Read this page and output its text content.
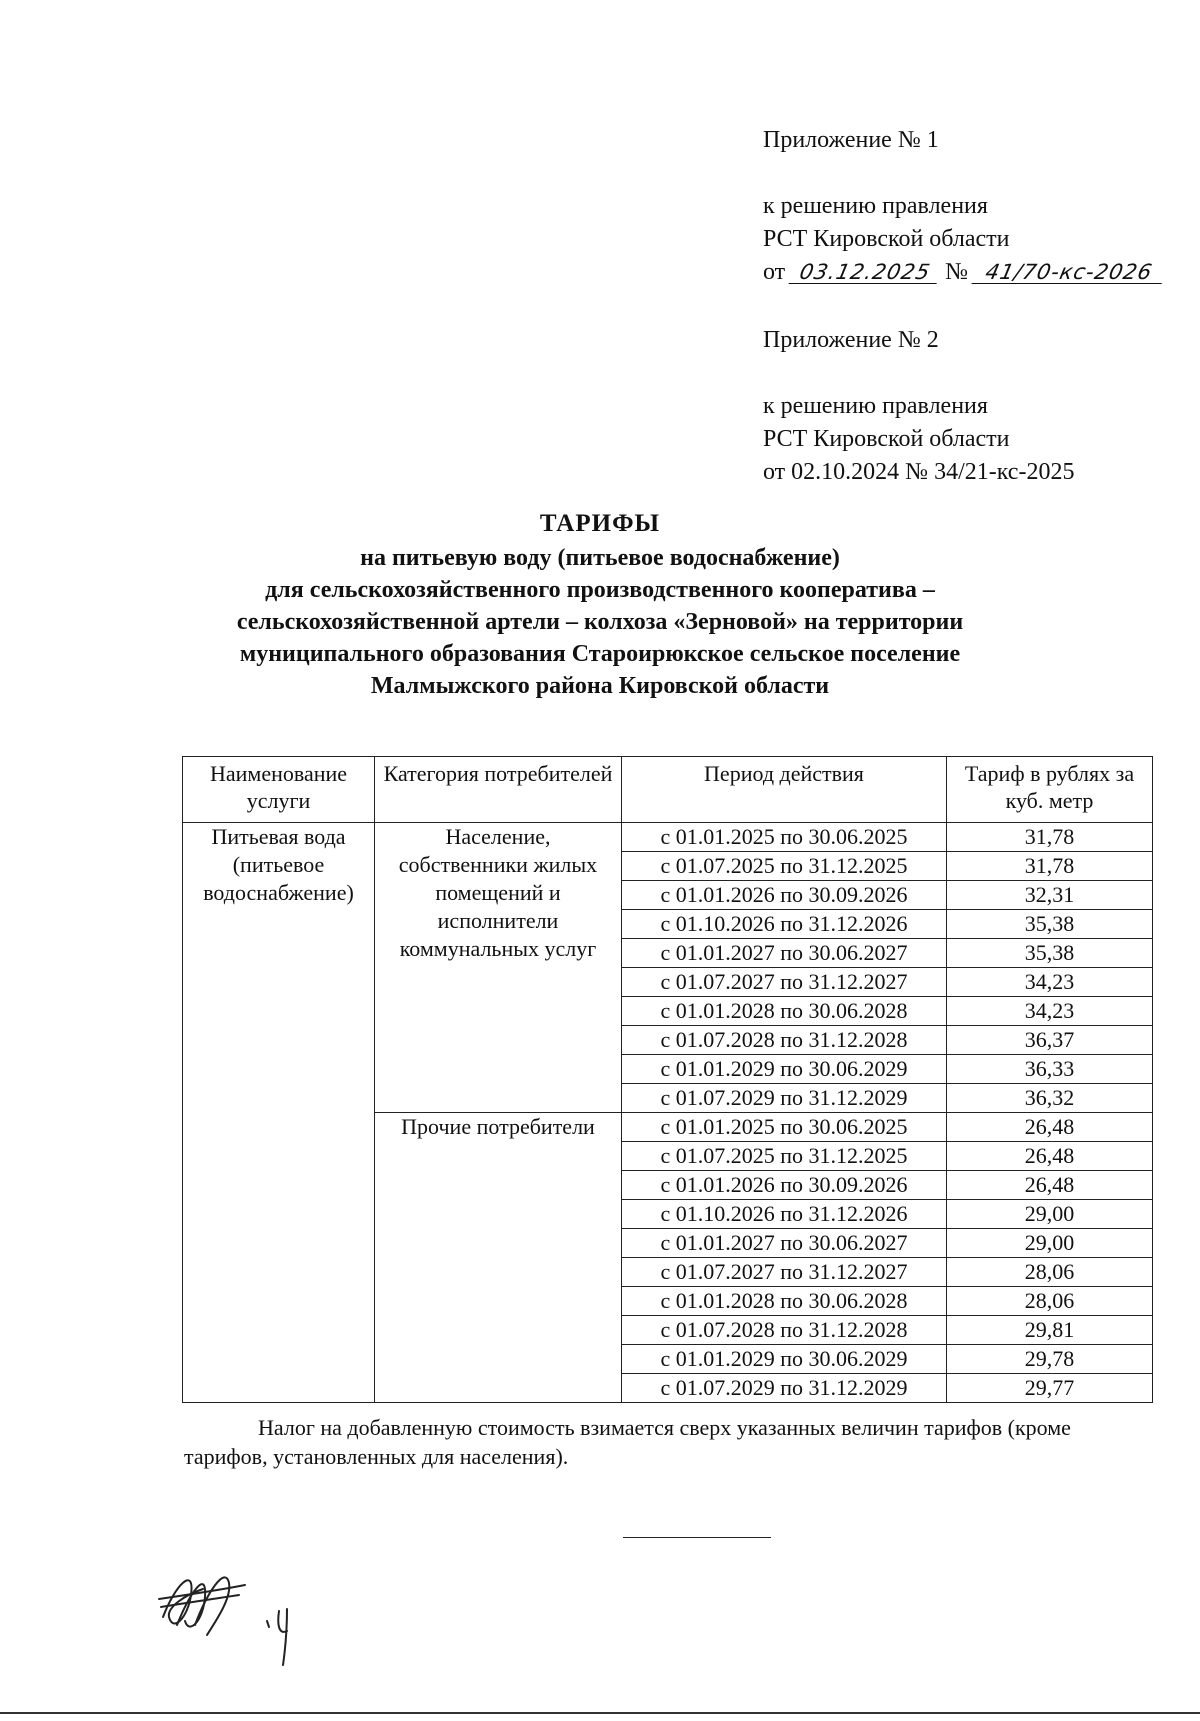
Приложение № 1
к решению правления
РСТ Кировской области
от 03.12.2025 № 41/70-кс-2026
Приложение № 2
к решению правления
РСТ Кировской области
от 02.10.2024 № 34/21-кс-2025
ТАРИФЫ
на питьевую воду (питьевое водоснабжение)
для сельскохозяйственного производственного кооператива –
сельскохозяйственной артели – колхоза «Зерновой» на территории
муниципального образования Староирюкское сельское поселение
Малмыжского района Кировской области
Наименование услуги	Категория потребителей	Период действия	Тариф в рублях за куб. метр
Питьевая вода (питьевое водоснабжение)	Население, собственники жилых помещений и исполнители коммунальных услуг	с 01.01.2025 по 30.06.2025	31,78
		с 01.07.2025 по 31.12.2025	31,78
		с 01.01.2026 по 30.09.2026	32,31
		с 01.10.2026 по 31.12.2026	35,38
		с 01.01.2027 по 30.06.2027	35,38
		с 01.07.2027 по 31.12.2027	34,23
		с 01.01.2028 по 30.06.2028	34,23
		с 01.07.2028 по 31.12.2028	36,37
		с 01.01.2029 по 30.06.2029	36,33
		с 01.07.2029 по 31.12.2029	36,32
	Прочие потребители	с 01.01.2025 по 30.06.2025	26,48
		с 01.07.2025 по 31.12.2025	26,48
		с 01.01.2026 по 30.09.2026	26,48
		с 01.10.2026 по 31.12.2026	29,00
		с 01.01.2027 по 30.06.2027	29,00
		с 01.07.2027 по 31.12.2027	28,06
		с 01.01.2028 по 30.06.2028	28,06
		с 01.07.2028 по 31.12.2028	29,81
		с 01.01.2029 по 30.06.2029	29,78
		с 01.07.2029 по 31.12.2029	29,77
Налог на добавленную стоимость взимается сверх указанных величин тарифов (кроме тарифов, установленных для населения).
